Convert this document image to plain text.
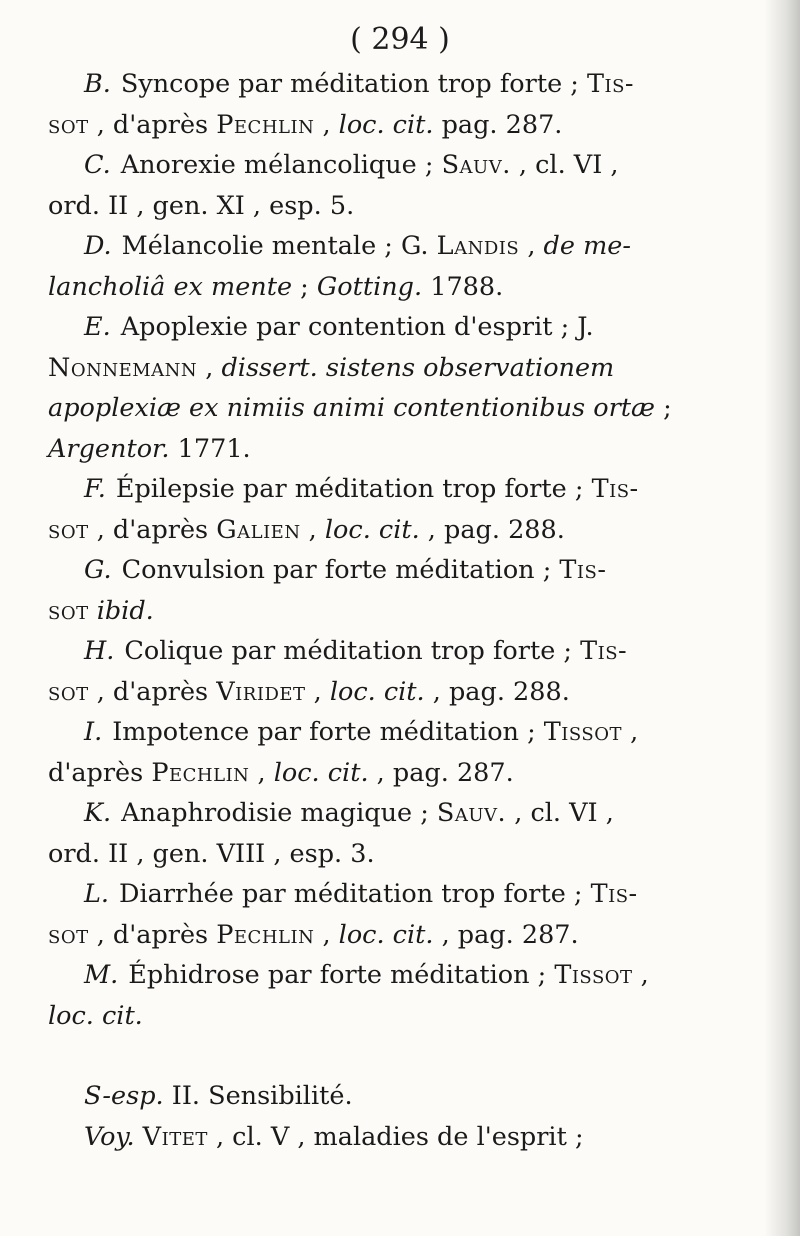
( 294 )
B. Syncope par méditation trop forte ; Tis-
sot , d'après Pechlin , loc. cit. pag. 287.
C. Anorexie mélancolique ; Sauv. , cl. VI ,
ord. II , gen. XI , esp. 5.
D. Mélancolie mentale ; G. Landis , de me-
lancholiâ ex mente ; Gotting. 1788.
E. Apoplexie par contention d'esprit ; J.
Nonnemann , dissert. sistens observationem
apoplexiæ ex nimiis animi contentionibus ortæ ;
Argentor. 1771.
F. Épilepsie par méditation trop forte ; Tis-
sot , d'après Galien , loc. cit. , pag. 288.
G. Convulsion par forte méditation ; Tis-
sot ibid.
H. Colique par méditation trop forte ; Tis-
sot , d'après Viridet , loc. cit. , pag. 288.
I. Impotence par forte méditation ; Tissot ,
d'après Pechlin , loc. cit. , pag. 287.
K. Anaphrodisie magique ; Sauv. , cl. VI ,
ord. II , gen. VIII , esp. 3.
L. Diarrhée par méditation trop forte ; Tis-
sot , d'après Pechlin , loc. cit. , pag. 287.
M. Éphidrose par forte méditation ; Tissot ,
loc. cit.
S-esp. II. Sensibilité.
Voy. Vitet , cl. V , maladies de l'esprit ;
